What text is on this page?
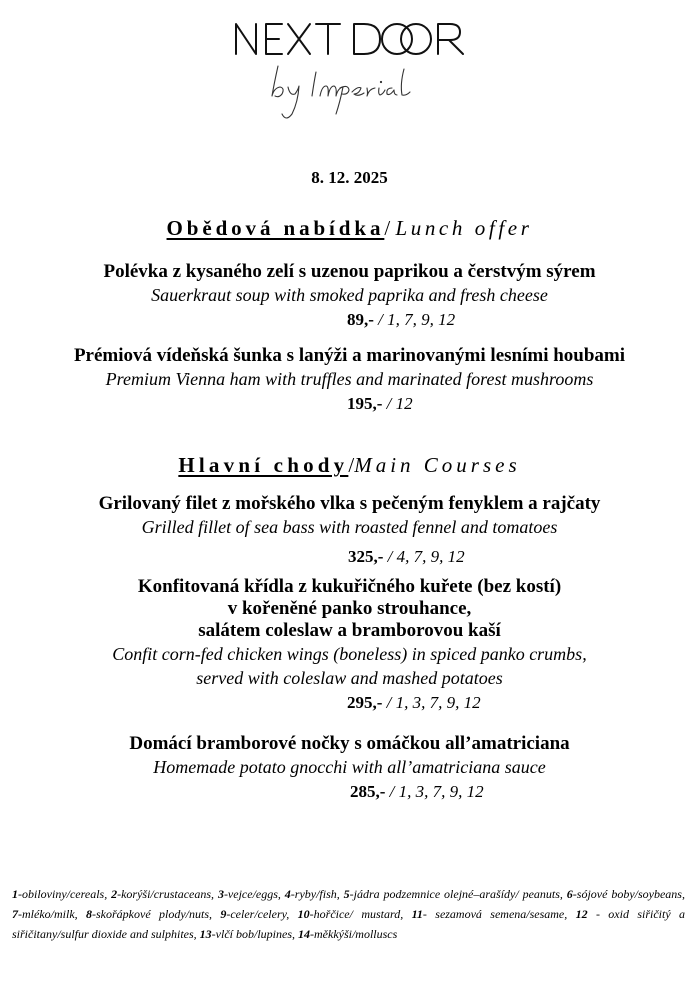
NEXT DOOR
8. 12. 2025
Obědová nabídka/ Lunch offer
Polévka z kysaného zelí s uzenou paprikou a čerstvým sýrem
Sauerkraut soup with smoked paprika and fresh cheese
89,- / 1, 7, 9, 12
Prémiová vídeňská šunka s lanýži a marinovanými lesními houbami
Premium Vienna ham with truffles and marinated forest mushrooms
195,- / 12
Hlavní chody/Main Courses
Grilovaný filet z mořského vlka s pečeným fenyklem a rajčaty
Grilled fillet of sea bass with roasted fennel and tomatoes
325,- / 4, 7, 9, 12
Konfitovaná křídla z kukuřičného kuřete (bez kostí)
v kořeněné panko strouhance,
salátem coleslaw a bramborovou kaší
Confit corn-fed chicken wings (boneless) in spiced panko crumbs,
served with coleslaw and mashed potatoes
295,- / 1, 3, 7, 9, 12
Domácí bramborové nočky s omáčkou all’amatriciana
Homemade potato gnocchi with all’amatriciana sauce
285,- / 1, 3, 7, 9, 12
1-obiloviny/cereals, 2-korýši/crustaceans, 3-vejce/eggs, 4-ryby/fish, 5-jádra podzemnice olejné–arašídy/ peanuts, 6-sójové boby/soybeans, 7-mléko/milk, 8-skořápkové plody/nuts, 9-celer/celery, 10-hořčice/ mustard, 11- sezamová semena/sesame, 12 - oxid siřičitý a siřičitany/sulfur dioxide and sulphites, 13-vlčí bob/lupines, 14-měkkýši/molluscs
